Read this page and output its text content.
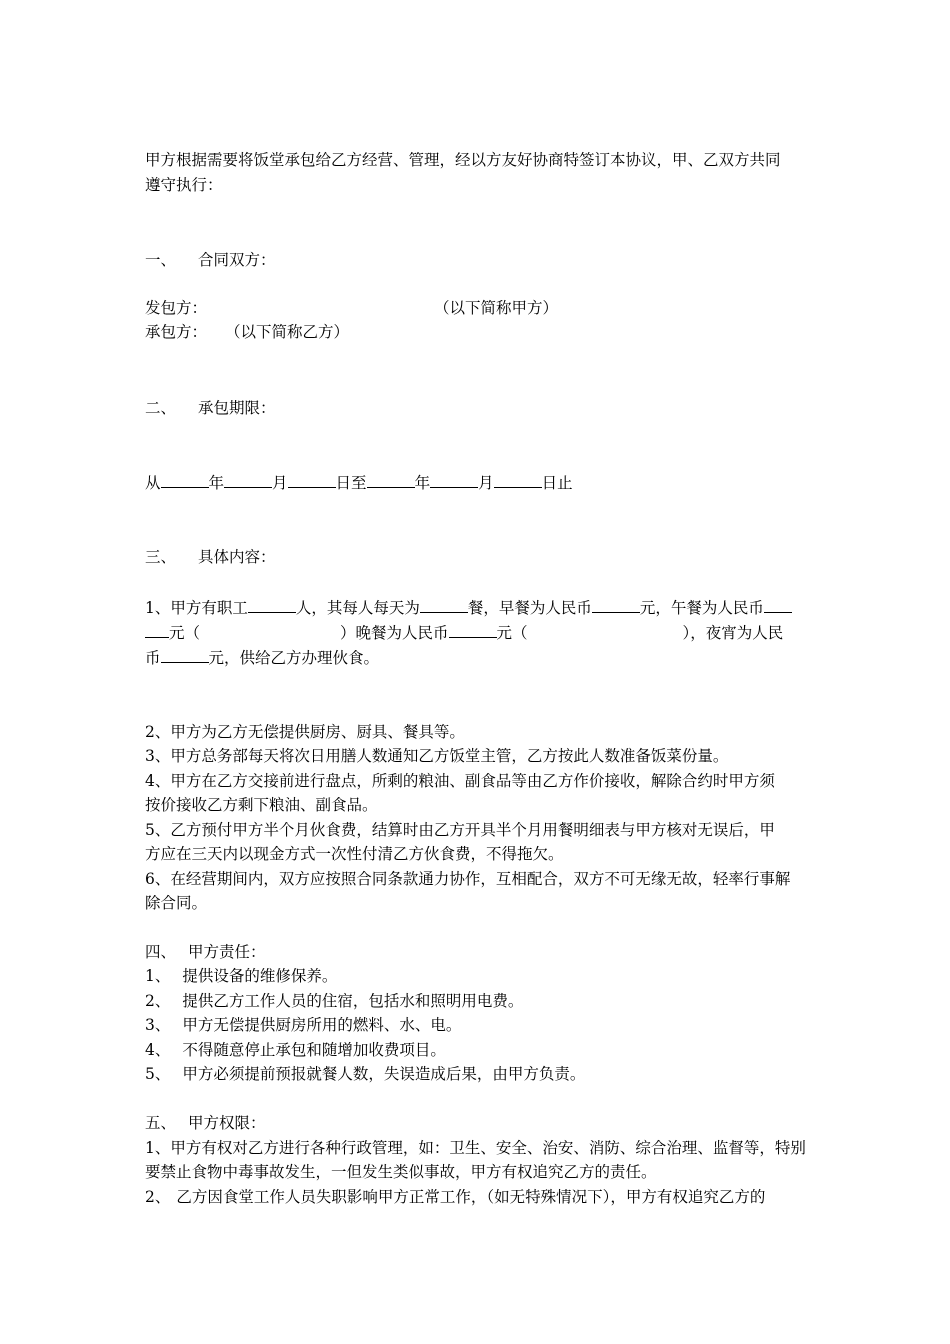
甲方根据需要将饭堂承包给乙方经营、管理，经以方友好协商特签订本协议，甲、乙双方共同
遵守执行：
一、 合同双方：
发包方：	（以下简称甲方）
承包方： （以下简称乙方）
二、 承包期限：
从	年	月	日至	年	月	日止
三、 具体内容：
1、甲方有职工	人，其每人每天为	餐，早餐为人民币	元，午餐为人民币
元（	）晚餐为人民币	元（	），夜宵为人民
币	元，供给乙方办理伙食。
2、甲方为乙方无偿提供厨房、厨具、餐具等。
3、甲方总务部每天将次日用膳人数通知乙方饭堂主管，乙方按此人数准备饭菜份量。
4、甲方在乙方交接前进行盘点，所剩的粮油、副食品等由乙方作价接收，解除合约时甲方须
按价接收乙方剩下粮油、副食品。
5、乙方预付甲方半个月伙食费，结算时由乙方开具半个月用餐明细表与甲方核对无误后，甲
方应在三天内以现金方式一次性付清乙方伙食费，不得拖欠。
6、在经营期间内，双方应按照合同条款通力协作，互相配合，双方不可无缘无故，轻率行事解
除合同。
四、 甲方责任：
1、 提供设备的维修保养。
2、 提供乙方工作人员的住宿，包括水和照明用电费。
3、 甲方无偿提供厨房所用的燃料、水、电。
4、 不得随意停止承包和随增加收费项目。
5、 甲方必须提前预报就餐人数，失误造成后果，由甲方负责。
五、 甲方权限：
1、甲方有权对乙方进行各种行政管理，如：卫生、安全、治安、消防、综合治理、监督等，特别
要禁止食物中毒事故发生，一但发生类似事故，甲方有权追究乙方的责任。
2、 乙方因食堂工作人员失职影响甲方正常工作，（如无特殊情况下），甲方有权追究乙方的
